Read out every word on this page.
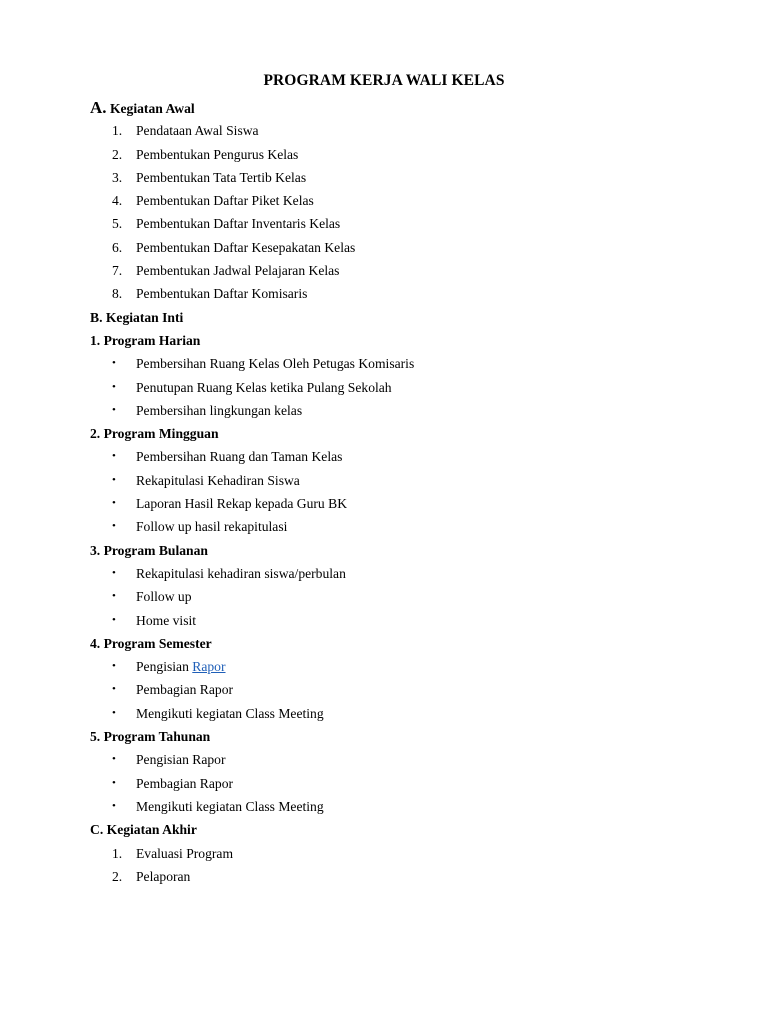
PROGRAM KERJA WALI KELAS
A. Kegiatan Awal
1. Pendataan Awal Siswa
2. Pembentukan Pengurus Kelas
3. Pembentukan Tata Tertib Kelas
4. Pembentukan Daftar Piket Kelas
5. Pembentukan Daftar Inventaris Kelas
6. Pembentukan Daftar Kesepakatan Kelas
7. Pembentukan Jadwal Pelajaran Kelas
8. Pembentukan Daftar Komisaris
B. Kegiatan Inti
1. Program Harian
•	Pembersihan Ruang Kelas Oleh Petugas Komisaris
•	Penutupan Ruang Kelas ketika Pulang Sekolah
•	Pembersihan lingkungan kelas
2. Program Mingguan
•	Pembersihan Ruang dan Taman Kelas
•	Rekapitulasi Kehadiran Siswa
•	Laporan Hasil Rekap kepada Guru BK
•	Follow up hasil rekapitulasi
3. Program Bulanan
•	Rekapitulasi kehadiran siswa/perbulan
•	Follow up
•	Home visit
4. Program Semester
•	Pengisian Rapor
•	Pembagian Rapor
•	Mengikuti kegiatan Class Meeting
5. Program Tahunan
•	Pengisian Rapor
•	Pembagian Rapor
•	Mengikuti kegiatan Class Meeting
C. Kegiatan Akhir
1. Evaluasi Program
2. Pelaporan
